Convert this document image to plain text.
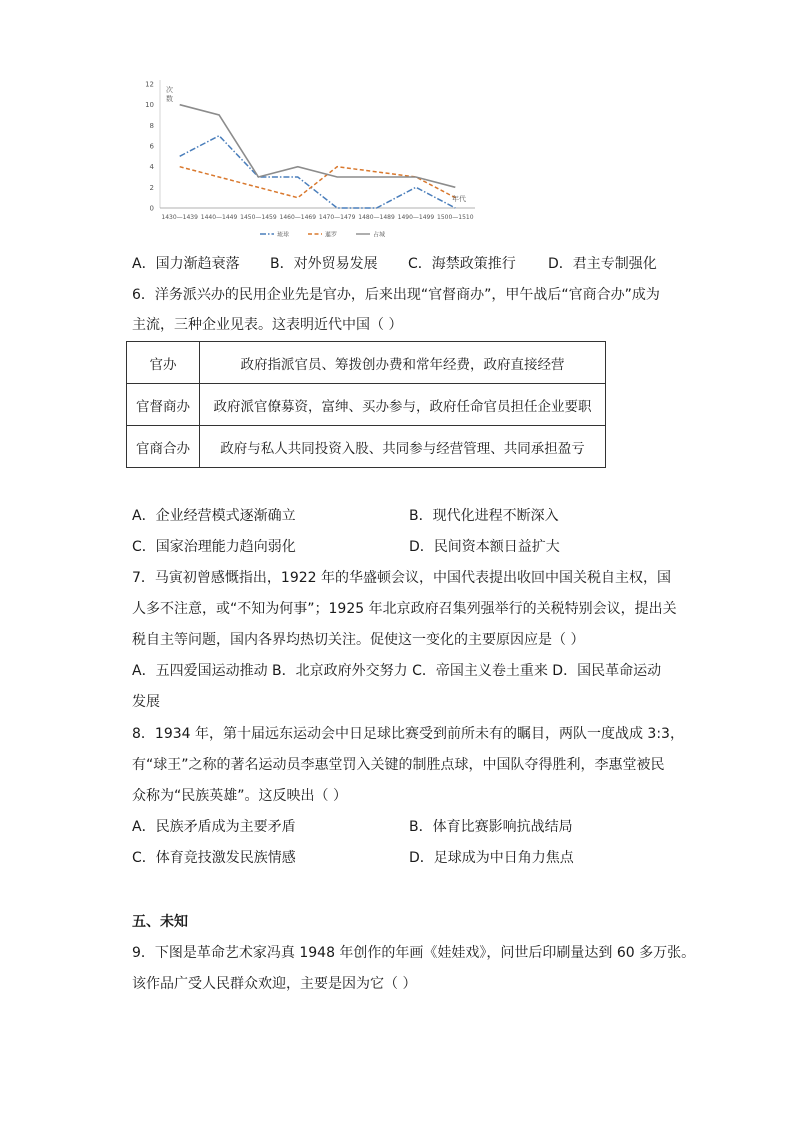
0
2
4
6
8
10
12
1430—1439 1440—1449 1450—1459 1460—1469 1470—1479 1480—1489 1490—1499 1500—1510
次数
年代
琉球	暹罗	占城
A．国力渐趋衰落 B．对外贸易发展 C．海禁政策推行 D．君主专制强化
6．洋务派兴办的民用企业先是官办，后来出现“官督商办”，甲午战后“官商合办”成为
主流，三种企业见表。这表明近代中国（ ）
官办	政府指派官员、筹拨创办费和常年经费，政府直接经营
官督商办	政府派官僚募资，富绅、买办参与，政府任命官员担任企业要职
官商合办	政府与私人共同投资入股、共同参与经营管理、共同承担盈亏
A．企业经营模式逐渐确立	B．现代化进程不断深入
C．国家治理能力趋向弱化	D．民间资本额日益扩大
7．马寅初曾感慨指出，1922 年的华盛顿会议，中国代表提出收回中国关税自主权，国
人多不注意，或“不知为何事”；1925 年北京政府召集列强举行的关税特别会议，提出关
税自主等问题，国内各界均热切关注。促使这一变化的主要原因应是（ ）
A．五四爱国运动推动 B．北京政府外交努力 C．帝国主义卷土重来 D．国民革命运动
发展
8．1934 年，第十届远东运动会中日足球比赛受到前所未有的瞩目，两队一度战成 3:3，
有“球王”之称的著名运动员李惠堂罚入关键的制胜点球，中国队夺得胜利，李惠堂被民
众称为“民族英雄”。这反映出（ ）
A．民族矛盾成为主要矛盾	B．体育比赛影响抗战结局
C．体育竞技激发民族情感	D．足球成为中日角力焦点
五、未知
9．下图是革命艺术家冯真 1948 年创作的年画《娃娃戏》，问世后印刷量达到 60 多万张。
该作品广受人民群众欢迎，主要是因为它（ ）
